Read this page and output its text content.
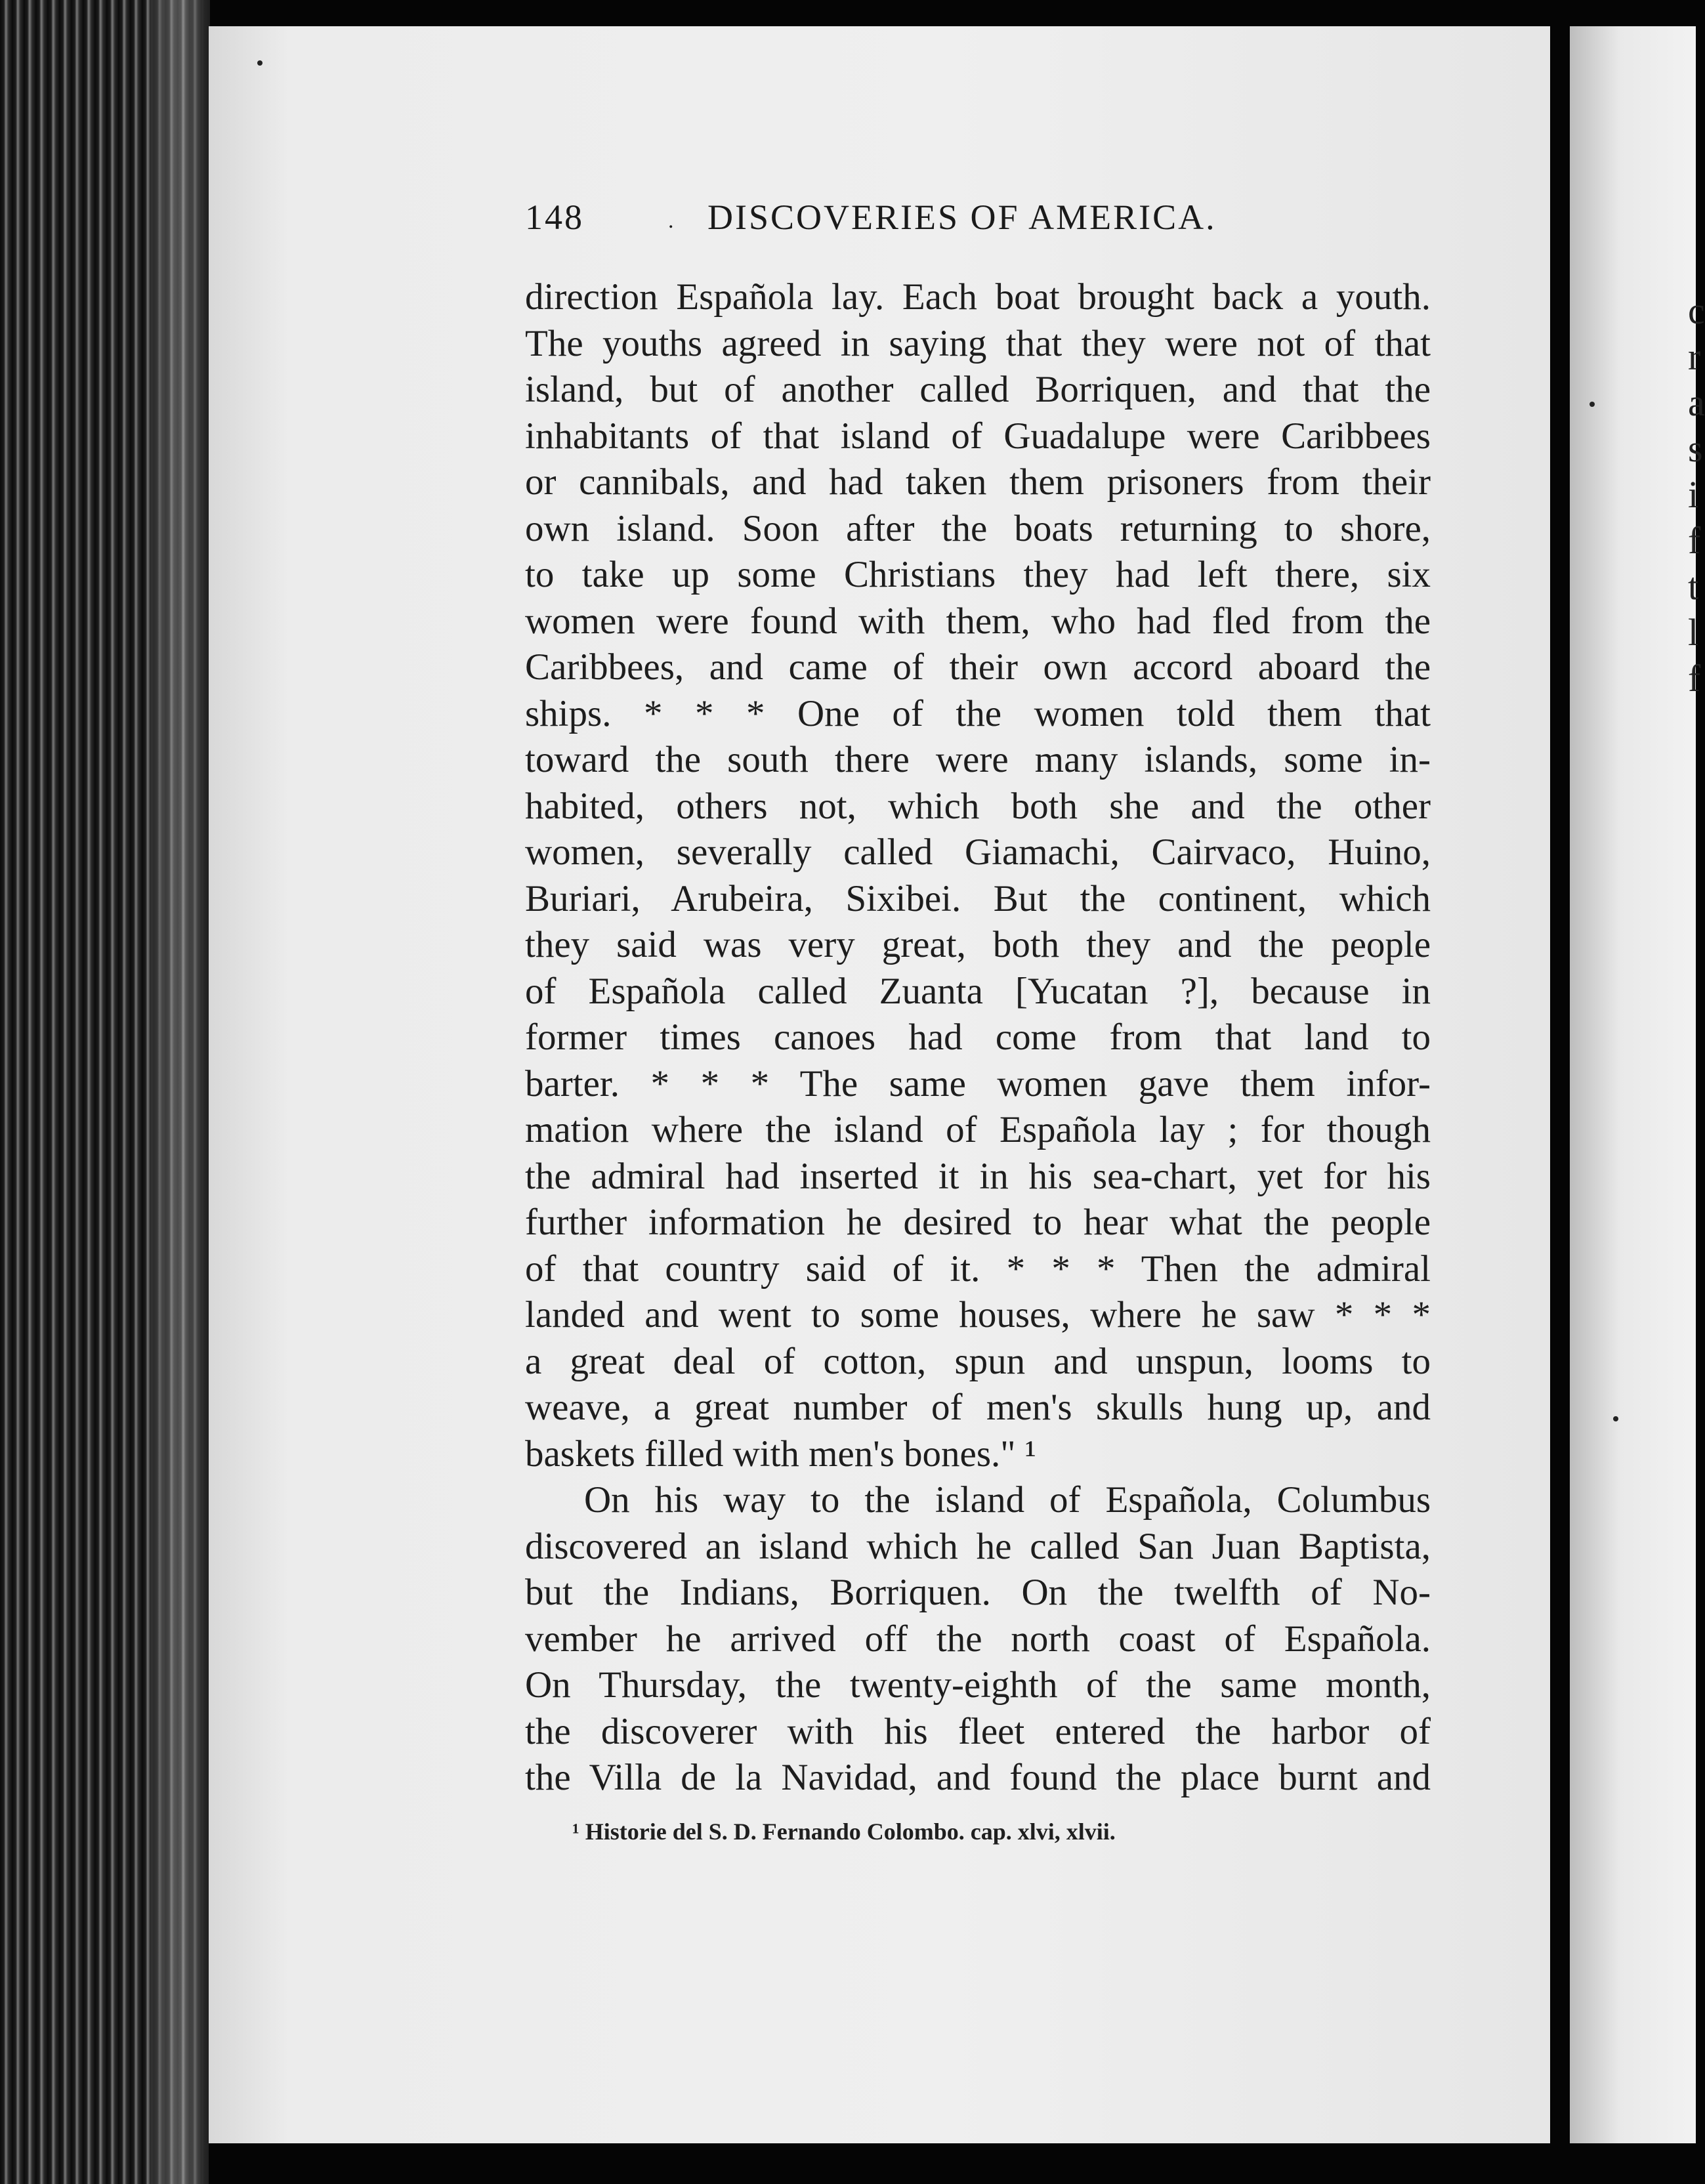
c
r
a
s
i
f
t
l
f
148	. DISCOVERIES OF AMERICA.
direction Española lay. Each boat brought back a youth.
The youths agreed in saying that they were not of that
island, but of another called Borriquen, and that the
inhabitants of that island of Guadalupe were Caribbees
or cannibals, and had taken them prisoners from their
own island. Soon after the boats returning to shore,
to take up some Christians they had left there, six
women were found with them, who had fled from the
Caribbees, and came of their own accord aboard the
ships. * * * One of the women told them that
toward the south there were many islands, some in-
habited, others not, which both she and the other
women, severally called Giamachi, Cairvaco, Huino,
Buriari, Arubeira, Sixibei. But the continent, which
they said was very great, both they and the people
of Española called Zuanta [Yucatan ?], because in
former times canoes had come from that land to
barter. * * * The same women gave them infor-
mation where the island of Española lay ; for though
the admiral had inserted it in his sea-chart, yet for his
further information he desired to hear what the people
of that country said of it. * * * Then the admiral
landed and went to some houses, where he saw * * *
a great deal of cotton, spun and unspun, looms to
weave, a great number of men's skulls hung up, and
baskets filled with men's bones." ¹
On his way to the island of Española, Columbus
discovered an island which he called San Juan Baptista,
but the Indians, Borriquen. On the twelfth of No-
vember he arrived off the north coast of Española.
On Thursday, the twenty-eighth of the same month,
the discoverer with his fleet entered the harbor of
the Villa de la Navidad, and found the place burnt and
¹ Historie del S. D. Fernando Colombo. cap. xlvi, xlvii.
